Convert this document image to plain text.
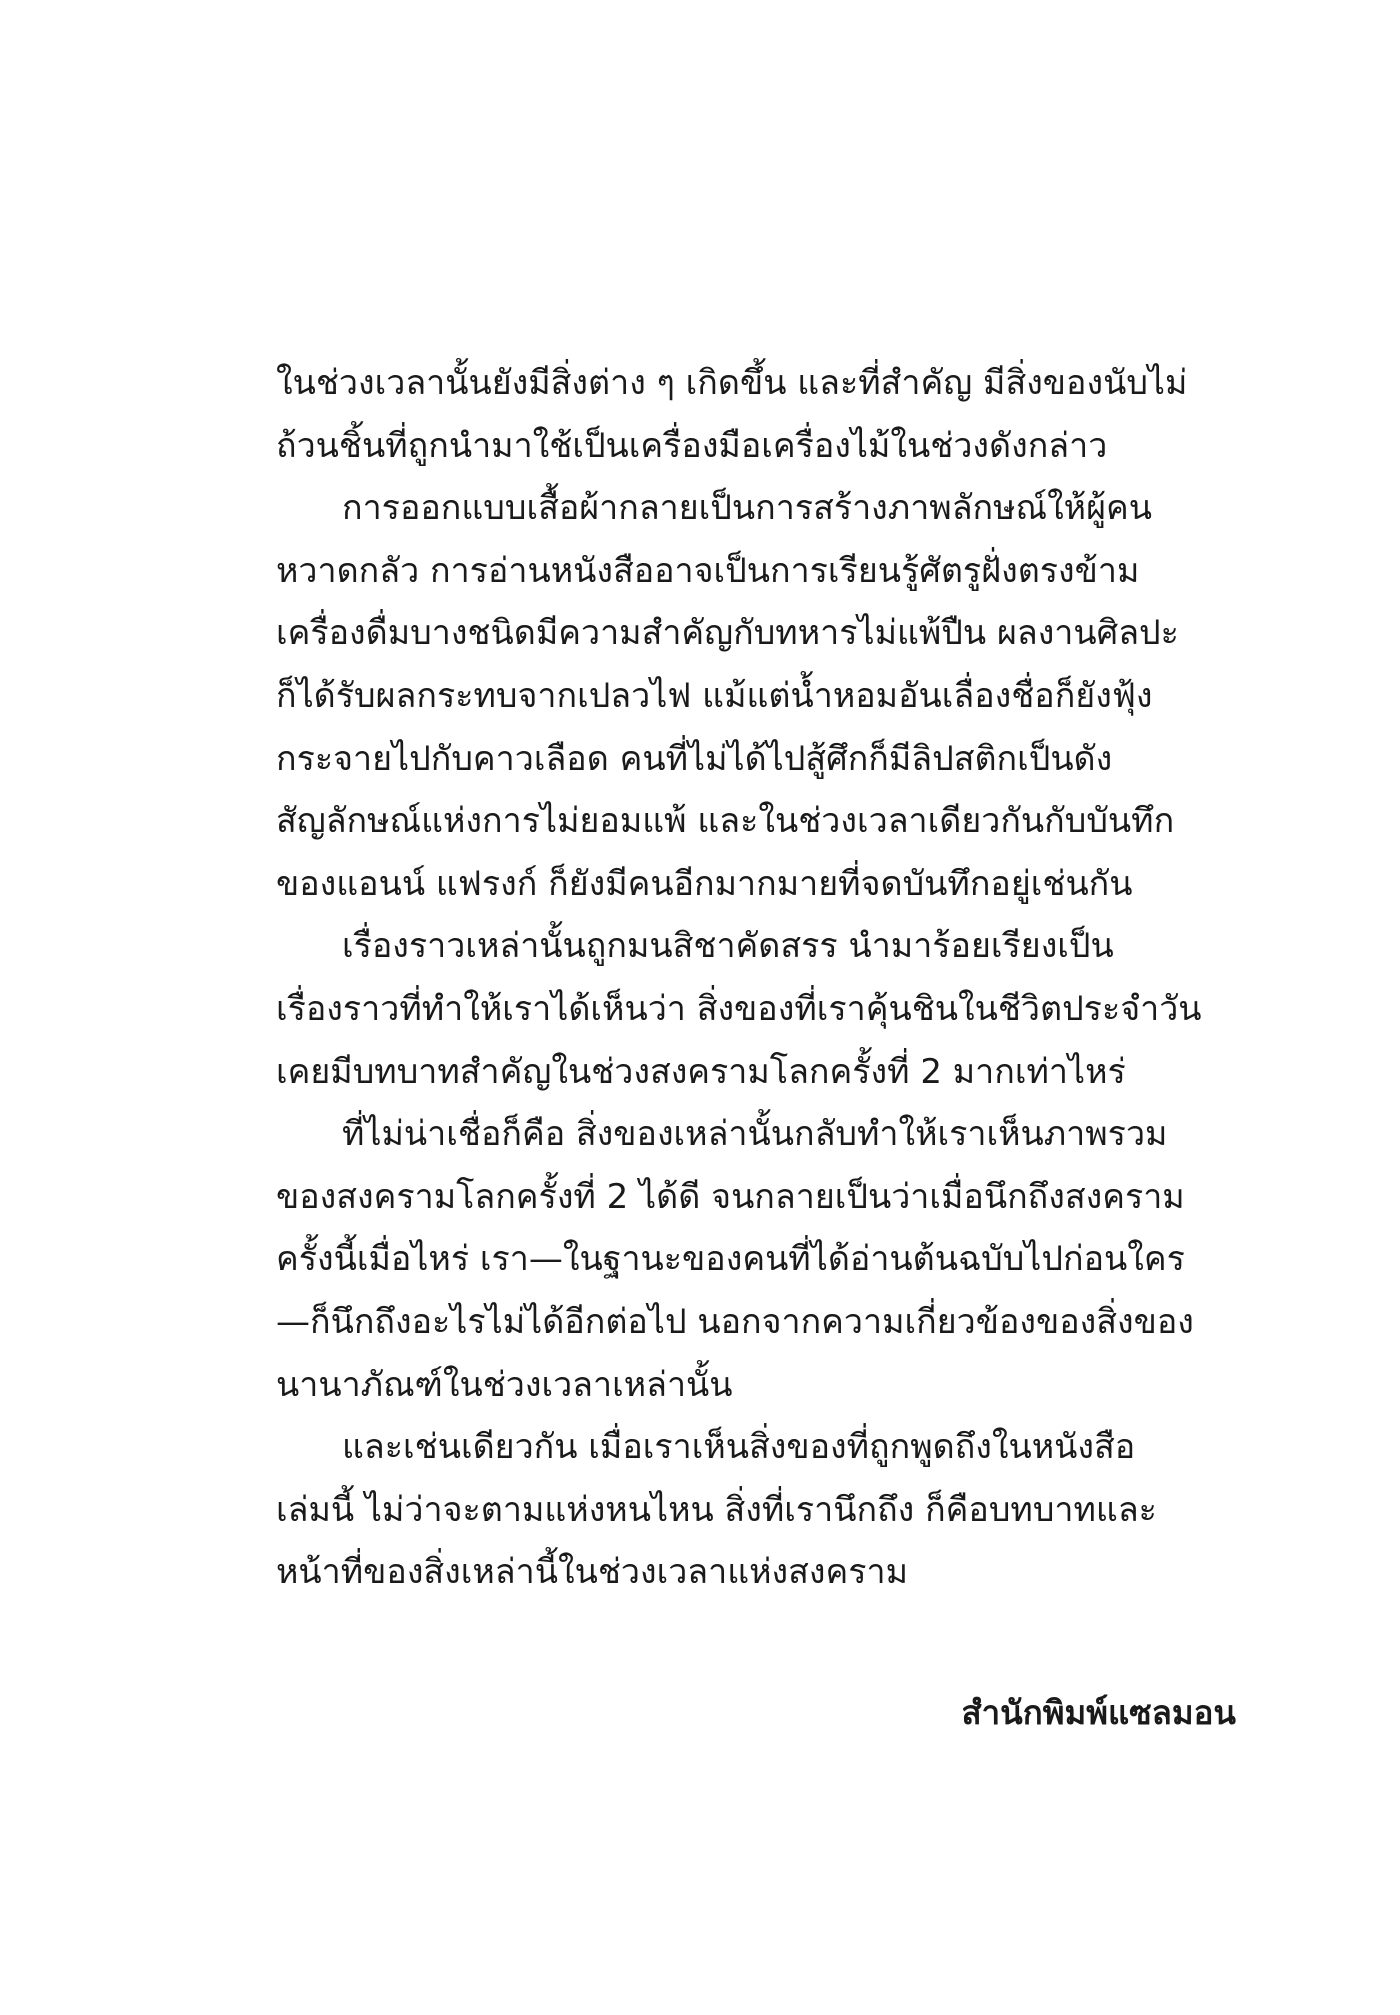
ในช่วงเวลานั้นยังมีสิ่งต่าง ๆ เกิดขึ้น และที่สำคัญ มีสิ่งของนับไม่
ถ้วนชิ้นที่ถูกนำมาใช้เป็นเครื่องมือเครื่องไม้ในช่วงดังกล่าว
การออกแบบเสื้อผ้ากลายเป็นการสร้างภาพลักษณ์ให้ผู้คน
หวาดกลัว การอ่านหนังสืออาจเป็นการเรียนรู้ศัตรูฝั่งตรงข้าม
เครื่องดื่มบางชนิดมีความสำคัญกับทหารไม่แพ้ปืน ผลงานศิลปะ
ก็ได้รับผลกระทบจากเปลวไฟ แม้แต่น้ำหอมอันเลื่องชื่อก็ยังฟุ้ง
กระจายไปกับคาวเลือด คนที่ไม่ได้ไปสู้ศึกก็มีลิปสติกเป็นดัง
สัญลักษณ์แห่งการไม่ยอมแพ้ และในช่วงเวลาเดียวกันกับบันทึก
ของแอนน์ แฟรงก์ ก็ยังมีคนอีกมากมายที่จดบันทึกอยู่เช่นกัน
เรื่องราวเหล่านั้นถูกมนสิชาคัดสรร นำมาร้อยเรียงเป็น
เรื่องราวที่ทำให้เราได้เห็นว่า สิ่งของที่เราคุ้นชินในชีวิตประจำวัน
เคยมีบทบาทสำคัญในช่วงสงครามโลกครั้งที่ 2 มากเท่าไหร่
ที่ไม่น่าเชื่อก็คือ สิ่งของเหล่านั้นกลับทำให้เราเห็นภาพรวม
ของสงครามโลกครั้งที่ 2 ได้ดี จนกลายเป็นว่าเมื่อนึกถึงสงคราม
ครั้งนี้เมื่อไหร่ เรา—ในฐานะของคนที่ได้อ่านต้นฉบับไปก่อนใคร
—ก็นึกถึงอะไรไม่ได้อีกต่อไป นอกจากความเกี่ยวข้องของสิ่งของ
นานาภัณฑ์ในช่วงเวลาเหล่านั้น
และเช่นเดียวกัน เมื่อเราเห็นสิ่งของที่ถูกพูดถึงในหนังสือ
เล่มนี้ ไม่ว่าจะตามแห่งหนไหน สิ่งที่เรานึกถึง ก็คือบทบาทและ
หน้าที่ของสิ่งเหล่านี้ในช่วงเวลาแห่งสงคราม
สำนักพิมพ์แซลมอน
